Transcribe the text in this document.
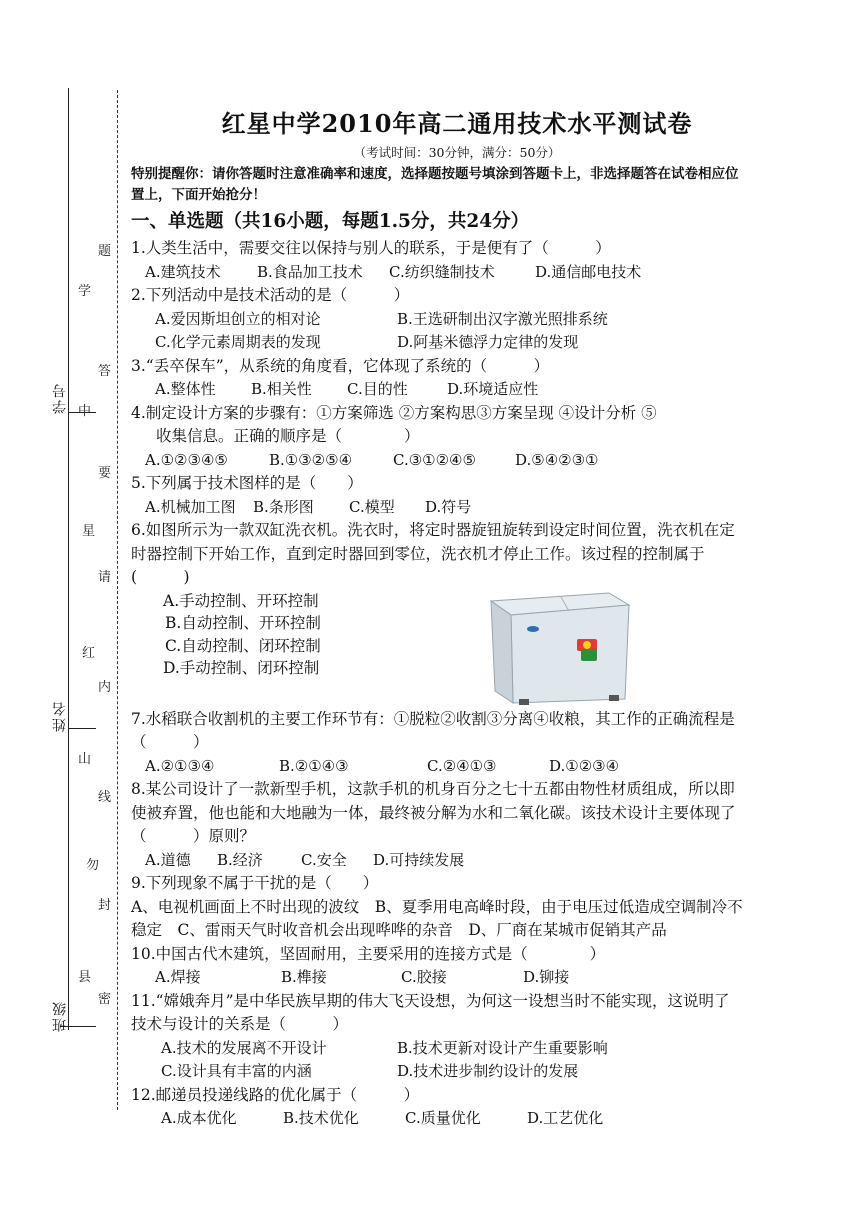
学号
姓名
班级
学
中
山
县
星
红
题
答
要
请
内
线
封
密
勿
红星中学2010年高二通用技术水平测试卷
（考试时间：30分钟，满分：50分）
特别提醒你：请你答题时注意准确率和速度，选择题按题号填涂到答题卡上，非选择题答在试卷相应位置上，下面开始抢分！
一、单选题（共16小题，每题1.5分，共24分）
1.人类生活中，需要交往以保持与别人的联系，于是便有了（　　　）
A.建筑技术 B.食品加工技术 C.纺织缝制技术	D.通信邮电技术
2.下列活动中是技术活动的是（　　　）
A.爱因斯坦创立的相对论	B.王选研制出汉字激光照排系统
C.化学元素周期表的发现	D.阿基米德浮力定律的发现
3.“丢卒保车”，从系统的角度看，它体现了系统的（　　　）
A.整体性 B.相关性 C.目的性	D.环境适应性
4.制定设计方案的步骤有：①方案筛选 ②方案构思③方案呈现 ④设计分析 ⑤
收集信息。正确的顺序是（　　　　）
A.①②③④⑤	B.①③②⑤④	C.③①②④⑤	D.⑤④②③①
5.下列属于技术图样的是（　　）
A.机械加工图 B.条形图 C.模型 D.符号
6.如图所示为一款双缸洗衣机。洗衣时，将定时器旋钮旋转到设定时间位置，洗衣机在定时器控制下开始工作，直到定时器回到零位，洗衣机才停止工作。该过程的控制属于(　　　)
A.手动控制、开环控制
B.自动控制、开环控制
C.自动控制、闭环控制
D.手动控制、闭环控制
7.水稻联合收割机的主要工作环节有：①脱粒②收割③分离④收粮，其工作的正确流程是（　　　）
A.②①③④	B.②①④③	C.②④①③	D.①②③④
8.某公司设计了一款新型手机，这款手机的机身百分之七十五都由物性材质组成，所以即使被弃置，他也能和大地融为一体，最终被分解为水和二氧化碳。该技术设计主要体现了（　　　）原则？
A.道德 B.经济	C.安全 D.可持续发展
9.下列现象不属于干扰的是（　　）
A、电视机画面上不时出现的波纹　B、夏季用电高峰时段，由于电压过低造成空调制冷不稳定　C、雷雨天气时收音机会出现哗哗的杂音　D、厂商在某城市促销其产品
10.中国古代木建筑，坚固耐用，主要采用的连接方式是（　　　　）
A.焊接	B.榫接	C.胶接	D.铆接
11.“嫦娥奔月”是中华民族早期的伟大飞天设想，为何这一设想当时不能实现，这说明了技术与设计的关系是（　　　）
A.技术的发展离不开设计	B.技术更新对设计产生重要影响
C.设计具有丰富的内涵	D.技术进步制约设计的发展
12.邮递员投递线路的优化属于（　　　）
A.成本优化	B.技术优化	C.质量优化	D.工艺优化
